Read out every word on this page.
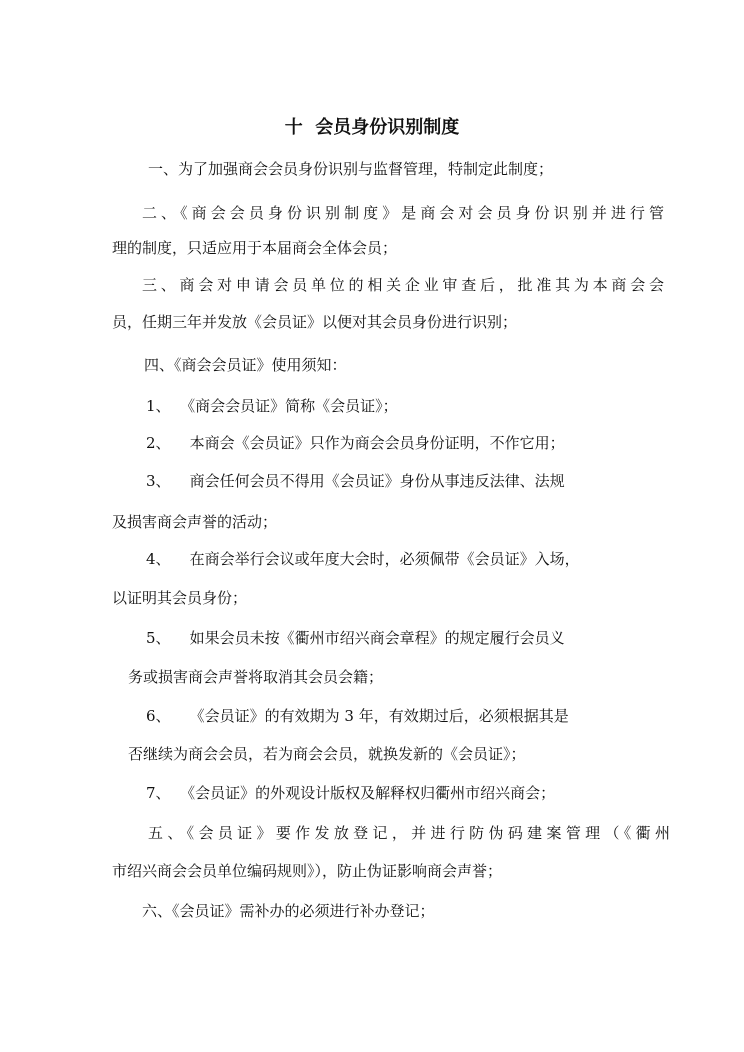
十  会员身份识别制度
一、为了加强商会会员身份识别与监督管理，特制定此制度；
二、《商会会员身份识别制度》是商会对会员身份识别并进行管
理的制度，只适应用于本届商会全体会员；
三、商会对申请会员单位的相关企业审查后，批准其为本商会会
员，任期三年并发放《会员证》以便对其会员身份进行识别；
四、《商会会员证》使用须知：
1、  《商会会员证》简称《会员证》；
2、    本商会《会员证》只作为商会会员身份证明，不作它用；
3、    商会任何会员不得用《会员证》身份从事违反法律、法规
及损害商会声誉的活动；
4、    在商会举行会议或年度大会时，必须佩带《会员证》入场，
以证明其会员身份；
5、    如果会员未按《衢州市绍兴商会章程》的规定履行会员义
务或损害商会声誉将取消其会员会籍；
6、    《会员证》的有效期为 3 年，有效期过后，必须根据其是
否继续为商会会员，若为商会会员，就换发新的《会员证》；
7、  《会员证》的外观设计版权及解释权归衢州市绍兴商会；
五、《会员证》要作发放登记，并进行防伪码建案管理（《衢州
市绍兴商会会员单位编码规则》），防止伪证影响商会声誉；
六、《会员证》需补办的必须进行补办登记；
